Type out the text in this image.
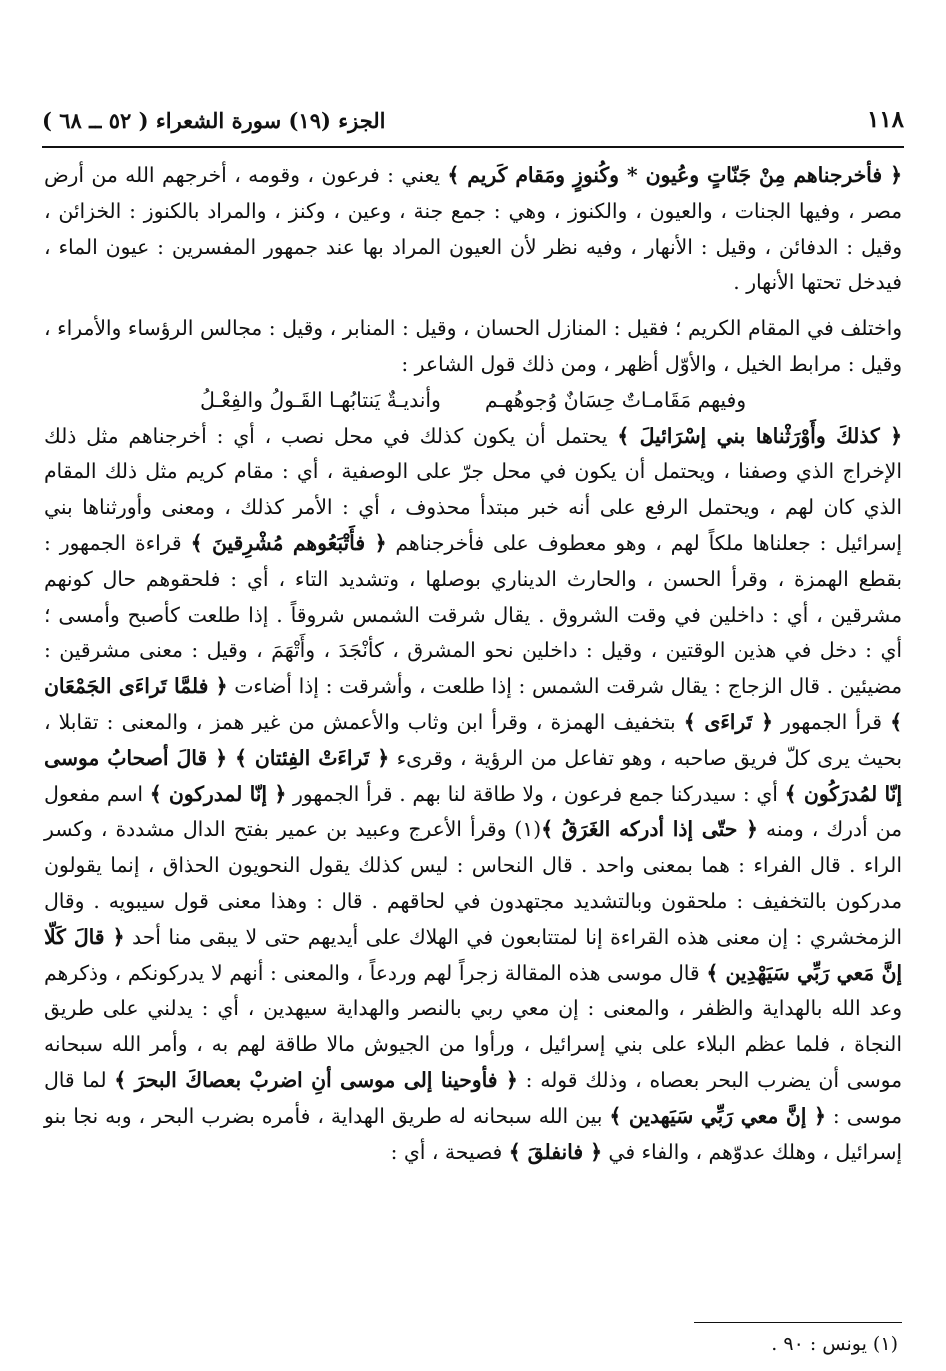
١١٨
الجزء (١٩) سورة الشعراء ( ٥٢ ــ ٦٨ )

﴿ فأخرجناهم مِنْ جَنّاتٍ وعُيون * وكُنوزٍ ومَقام كَريم ﴾ يعني : فرعون ، وقومه ، أخرجهم الله من أرض مصر ، وفيها الجنات ، والعيون ، والكنوز ، وهي : جمع جنة ، وعين ، وكنز ، والمراد بالكنوز : الخزائن ، وقيل : الدفائن ، وقيل : الأنهار ، وفيه نظر لأن العيون المراد بها عند جمهور المفسرين : عيون الماء ، فيدخل تحتها الأنهار .

واختلف في المقام الكريم ؛ فقيل : المنازل الحسان ، وقيل : المنابر ، وقيل : مجالس الرؤساء والأمراء ، وقيل : مرابط الخيل ، والأوّل أظهر ، ومن ذلك قول الشاعر :

وفيهم مَقَامـاتٌ حِسَانٌ وُجوهُهـم
وأنديـةٌ يَنتابُهـا القَـولُ والفِعْـلُ

﴿ كذلكَ وأَوْرَثْناها بني إسْرَائيلَ ﴾ يحتمل أن يكون كذلك في محل نصب ، أي : أخرجناهم مثل ذلك الإخراج الذي وصفنا ، ويحتمل أن يكون في محل جرّ على الوصفية ، أي : مقام كريم مثل ذلك المقام الذي كان لهم ، ويحتمل الرفع على أنه خبر مبتدأ محذوف ، أي : الأمر كذلك ، ومعنى وأورثناها بني إسرائيل : جعلناها ملكاً لهم ، وهو معطوف على فأخرجناهم ﴿ فأَتْبَعُوهم مُشْرِقينَ ﴾ قراءة الجمهور : بقطع الهمزة ، وقرأ الحسن ، والحارث الديناري بوصلها ، وتشديد التاء ، أي : فلحقوهم حال كونهم مشرقين ، أي : داخلين في وقت الشروق . يقال شرقت الشمس شروقاً . إذا طلعت كأصبح وأمسى ؛ أي : دخل في هذين الوقتين ، وقيل : داخلين نحو المشرق ، كأنْجَدَ ، وأَتْهَمَ ، وقيل : معنى مشرقين : مضيئين . قال الزجاج : يقال شرقت الشمس : إذا طلعت ، وأشرقت : إذا أضاءت ﴿ فلمَّا تَراءَى الجَمْعَان ﴾ قرأ الجمهور ﴿ تَراءَى ﴾ بتخفيف الهمزة ، وقرأ ابن وثاب والأعمش من غير همز ، والمعنى : تقابلا ، بحيث يرى كلّ فريق صاحبه ، وهو تفاعل من الرؤية ، وقرىء ﴿ تَراءَتْ الفِئتان ﴾ ﴿ قالَ أصحابُ موسى إنّا لمُدرَكُون ﴾ أي : سيدركنا جمع فرعون ، ولا طاقة لنا بهم . قرأ الجمهور ﴿ إنّا لمدركون ﴾ اسم مفعول من أدرك ، ومنه ﴿ حتّى إذا أدركه الغَرَقُ ﴾(١) وقرأ الأعرج وعبيد بن عمير بفتح الدال مشددة ، وكسر الراء . قال الفراء : هما بمعنى واحد . قال النحاس : ليس كذلك يقول النحويون الحذاق ، إنما يقولون مدركون بالتخفيف : ملحقون وبالتشديد مجتهدون في لحاقهم . قال : وهذا معنى قول سيبويه . وقال الزمخشري : إن معنى هذه القراءة إنا لمتتابعون في الهلاك على أيديهم حتى لا يبقى منا أحد ﴿ قالَ كَلّا إنَّ مَعي رَبِّي سَيَهْدِين ﴾ قال موسى هذه المقالة زجراً لهم وردعاً ، والمعنى : أنهم لا يدركونكم ، وذكرهم وعد الله بالهداية والظفر ، والمعنى : إن معي ربي بالنصر والهداية سيهدين ، أي : يدلني على طريق النجاة ، فلما عظم البلاء على بني إسرائيل ، ورأوا من الجيوش مالا طاقة لهم به ، وأمر الله سبحانه موسى أن يضرب البحر بعصاه ، وذلك قوله : ﴿ فأوحينا إلى موسى أنِ اضربْ بعصاكَ البحرَ ﴾ لما قال موسى : ﴿ إنَّ معي رَبِّي سَيَهدين ﴾ بين الله سبحانه له طريق الهداية ، فأمره بضرب البحر ، وبه نجا بنو إسرائيل ، وهلك عدوّهم ، والفاء في ﴿ فانفلقَ ﴾ فصيحة ، أي :

(١) يونس : ٩٠ .
